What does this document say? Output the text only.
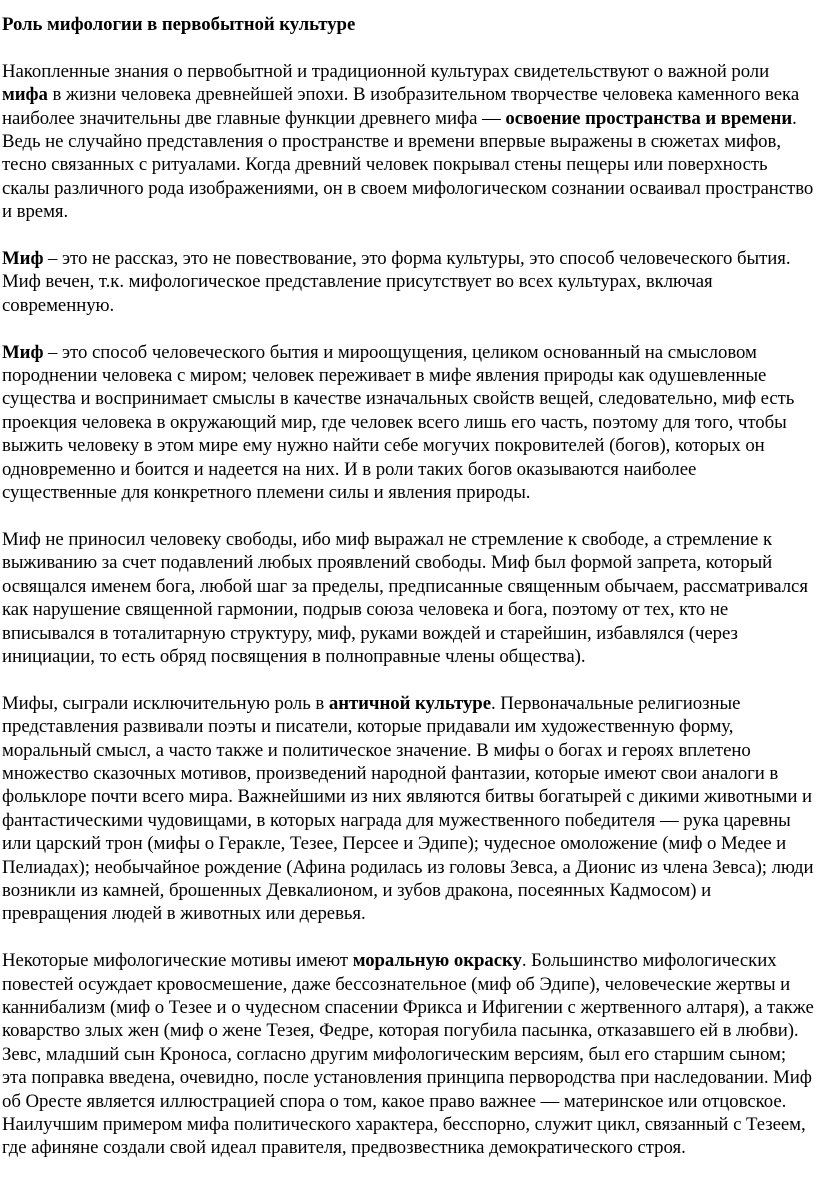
Роль мифологии в первобытной культуре

Накопленные знания о первобытной и традиционной культурах свидетельствуют о важной роли мифа в жизни человека древнейшей эпохи. В изобразительном творчестве человека каменного века наиболее значительны две главные функции древнего мифа — освоение пространства и времени. Ведь не случайно представления о пространстве и времени впервые выражены в сюжетах мифов, тесно связанных с ритуалами. Когда древний человек покрывал стены пещеры или поверхность скалы различного рода изображениями, он в своем мифологическом сознании осваивал пространство и время.

Миф – это не рассказ, это не повествование, это форма культуры, это способ человеческого бытия. Миф вечен, т.к. мифологическое представление присутствует во всех культурах, включая современную.

Миф – это способ человеческого бытия и мироощущения, целиком основанный на смысловом породнении человека с миром; человек переживает в мифе явления природы как одушевленные существа и воспринимает смыслы в качестве изначальных свойств вещей, следовательно, миф есть проекция человека в окружающий мир, где человек всего лишь его часть, поэтому для того, чтобы выжить человеку в этом мире ему нужно найти себе могучих покровителей (богов), которых он одновременно и боится и надеется на них. И в роли таких богов оказываются наиболее существенные для конкретного племени силы и явления природы.

Миф не приносил человеку свободы, ибо миф выражал не стремление к свободе, а стремление к выживанию за счет подавлений любых проявлений свободы. Миф был формой запрета, который освящался именем бога, любой шаг за пределы, предписанные священным обычаем, рассматривался как нарушение священной гармонии, подрыв союза человека и бога, поэтому от тех, кто не вписывался в тоталитарную структуру, миф, руками вождей и старейшин, избавлялся (через инициации, то есть обряд посвящения в полноправные члены общества).

Мифы, сыграли исключительную роль в античной культуре. Первоначальные религиозные представления развивали поэты и писатели, которые придавали им художественную форму, моральный смысл, а часто также и политическое значение. В мифы о богах и героях вплетено множество сказочных мотивов, произведений народной фантазии, которые имеют свои аналоги в фольклоре почти всего мира. Важнейшими из них являются битвы богатырей с дикими животными и фантастическими чудовищами, в которых награда для мужественного победителя — рука царевны или царский трон (мифы о Геракле, Тезее, Персее и Эдипе); чудесное омоложение (миф о Медее и Пелиадах); необычайное рождение (Афина родилась из головы Зевса, а Дионис из члена Зевса); люди возникли из камней, брошенных Девкалионом, и зубов дракона, посеянных Кадмосом) и превращения людей в животных или деревья.

Некоторые мифологические мотивы имеют моральную окраску. Большинство мифологических повестей осуждает кровосмешение, даже бессознательное (миф об Эдипе), человеческие жертвы и каннибализм (миф о Тезее и о чудесном спасении Фрикса и Ифигении с жертвенного алтаря), а также коварство злых жен (миф о жене Тезея, Федре, которая погубила пасынка, отказавшего ей в любви). Зевс, младший сын Кроноса, согласно другим мифологическим версиям, был его старшим сыном; эта поправка введена, очевидно, после установления принципа первородства при наследовании. Миф об Оресте является иллюстрацией спора о том, какое право важнее — материнское или отцовское. Наилучшим примером мифа политического характера, бесспорно, служит цикл, связанный с Тезеем, где афиняне создали свой идеал правителя, предвозвестника демократического строя.
